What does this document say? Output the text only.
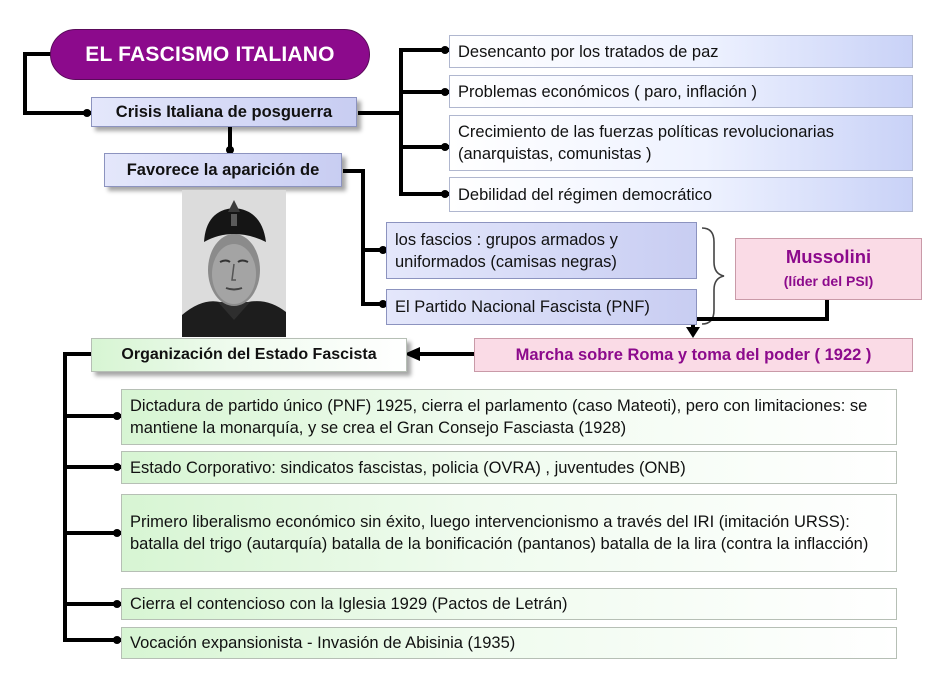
EL FASCISMO ITALIANO
Crisis Italiana de posguerra
Desencanto por los tratados de paz
Problemas económicos ( paro, inflación )
Crecimiento de las fuerzas políticas revolucionarias (anarquistas, comunistas )
Debilidad del régimen democrático
Favorece la aparición de
los fascios : grupos armados y uniformados (camisas negras)
El Partido Nacional Fascista (PNF)
Mussolini
(líder del PSI)
Marcha sobre Roma y toma del poder ( 1922 )
Organización del Estado Fascista
Dictadura de partido único (PNF) 1925, cierra el parlamento (caso Mateoti), pero con limitaciones: se mantiene la monarquía, y se crea el Gran Consejo Fasciasta (1928)
Estado Corporativo: sindicatos fascistas, policia (OVRA) , juventudes (ONB)
Primero liberalismo económico sin éxito, luego intervencionismo a través del IRI (imitación URSS): batalla del trigo (autarquía) batalla de la bonificación (pantanos) batalla de la lira (contra la inflacción)
Cierra el contencioso con la Iglesia 1929 (Pactos de Letrán)
Vocación expansionista - Invasión de Abisinia (1935)
